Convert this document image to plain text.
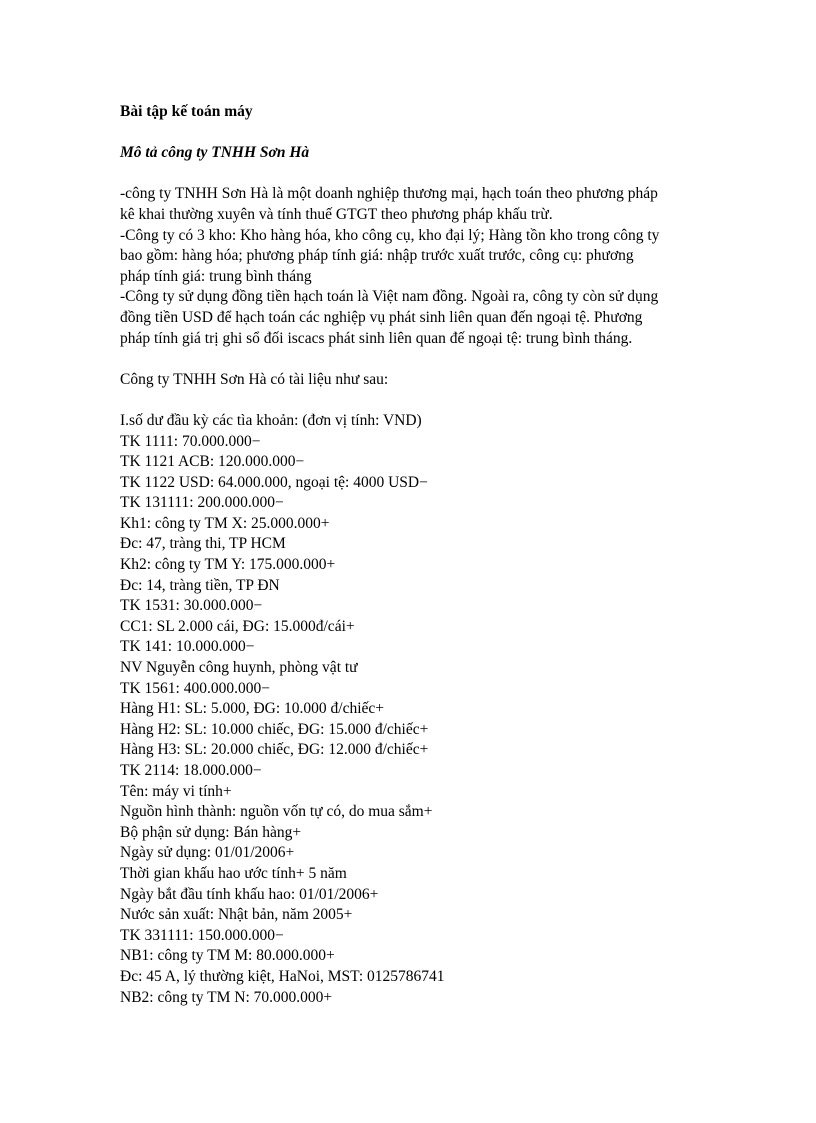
Bài tập kế toán máy

Mô tả công ty TNHH Sơn Hà

-công ty TNHH Sơn Hà là một doanh nghiệp thương mại, hạch toán theo phương pháp

kê khai thường xuyên và tính thuế GTGT theo phương pháp khấu trừ.

-Công ty có 3 kho: Kho hàng hóa, kho công cụ, kho đại lý; Hàng tồn kho trong công ty

bao gồm: hàng hóa; phương pháp tính giá: nhập trước xuất trước, công cụ: phương

pháp tính giá: trung bình tháng

-Công ty sử dụng đồng tiền hạch toán là Việt nam đồng. Ngoài ra, công ty còn sử dụng

đồng tiền USD để hạch toán các nghiệp vụ phát sinh liên quan đến ngoại tệ. Phương

pháp tính giá trị ghi sổ đối iscacs phát sinh liên quan đế ngoại tệ: trung bình tháng.

Công ty TNHH Sơn Hà có tài liệu như sau:

I.số dư đầu kỳ các tìa khoản: (đơn vị tính: VND)

TK 1111: 70.000.000−

TK 1121 ACB: 120.000.000−

TK 1122 USD: 64.000.000, ngoại tệ: 4000 USD−

TK 131111: 200.000.000−

Kh1: công ty TM X: 25.000.000+

Đc: 47, tràng thi, TP HCM

Kh2: công ty TM Y: 175.000.000+

Đc: 14, tràng tiền, TP ĐN

TK 1531: 30.000.000−

CC1: SL 2.000 cái, ĐG: 15.000đ/cái+

TK 141: 10.000.000−

NV Nguyễn công huynh, phòng vật tư

TK 1561: 400.000.000−

Hàng H1: SL: 5.000, ĐG: 10.000 đ/chiếc+

Hàng H2: SL: 10.000 chiếc, ĐG: 15.000 đ/chiếc+

Hàng H3: SL: 20.000 chiếc, ĐG: 12.000 đ/chiếc+

TK 2114: 18.000.000−

Tên: máy vi tính+

Nguồn hình thành: nguồn vốn tự có, do mua sắm+

Bộ phận sử dụng: Bán hàng+

Ngày sử dụng: 01/01/2006+

Thời gian khấu hao ước tính+ 5 năm

Ngày bắt đầu tính khấu hao: 01/01/2006+

Nước sản xuất: Nhật bản, năm 2005+

TK 331111: 150.000.000−

NB1: công ty TM M: 80.000.000+

Đc: 45 A, lý thường kiệt, HaNoi, MST: 0125786741

NB2: công ty TM N: 70.000.000+
